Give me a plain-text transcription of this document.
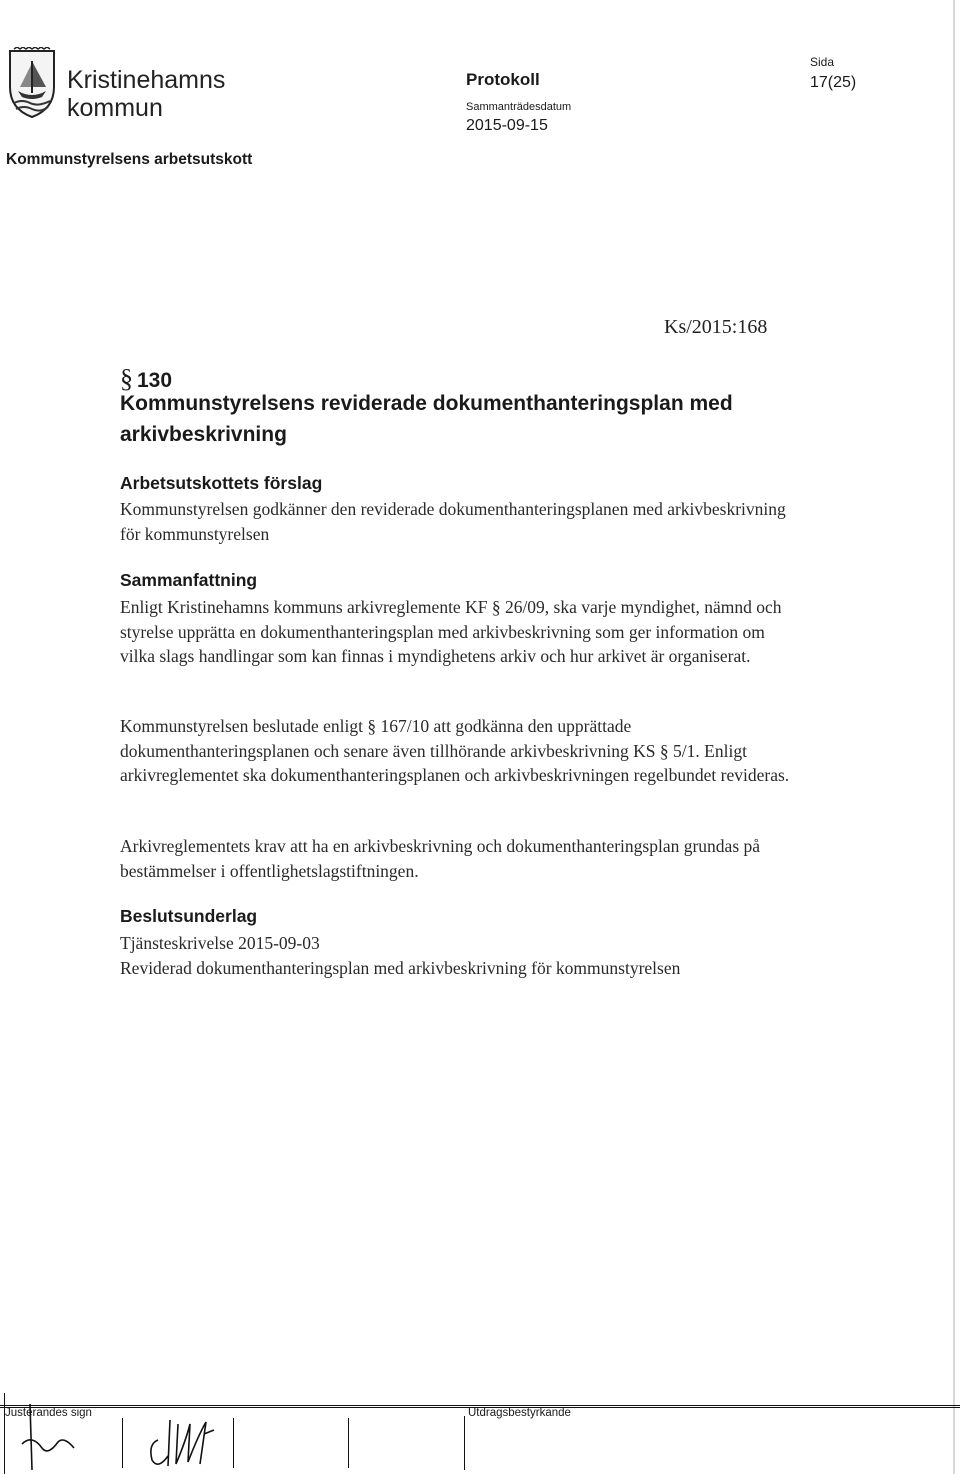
Kristinehamns
kommun
Protokoll
Sammanträdesdatum
2015-09-15
Sida
17(25)
Kommunstyrelsens arbetsutskott
Ks/2015:168
§ 130
Kommunstyrelsens reviderade dokumenthanteringsplan med arkivbeskrivning
Arbetsutskottets förslag
Kommunstyrelsen godkänner den reviderade dokumenthanteringsplanen med arkivbeskrivning för kommunstyrelsen
Sammanfattning
Enligt Kristinehamns kommuns arkivreglemente KF § 26/09, ska varje myndighet, nämnd och styrelse upprätta en dokumenthanteringsplan med arkivbeskrivning som ger information om vilka slags handlingar som kan finnas i myndighetens arkiv och hur arkivet är organiserat.
Kommunstyrelsen beslutade enligt § 167/10 att godkänna den upprättade dokumenthanteringsplanen och senare även tillhörande arkivbeskrivning KS § 5/1. Enligt arkivreglementet ska dokumenthanteringsplanen och arkivbeskrivningen regelbundet revideras.
Arkivreglementets krav att ha en arkivbeskrivning och dokumenthanteringsplan grundas på bestämmelser i offentlighetslagstiftningen.
Beslutsunderlag

Tjänsteskrivelse 2015-09-03

Reviderad dokumenthanteringsplan med arkivbeskrivning för kommunstyrelsen

Justerandes sign	Utdragsbestyrkande
